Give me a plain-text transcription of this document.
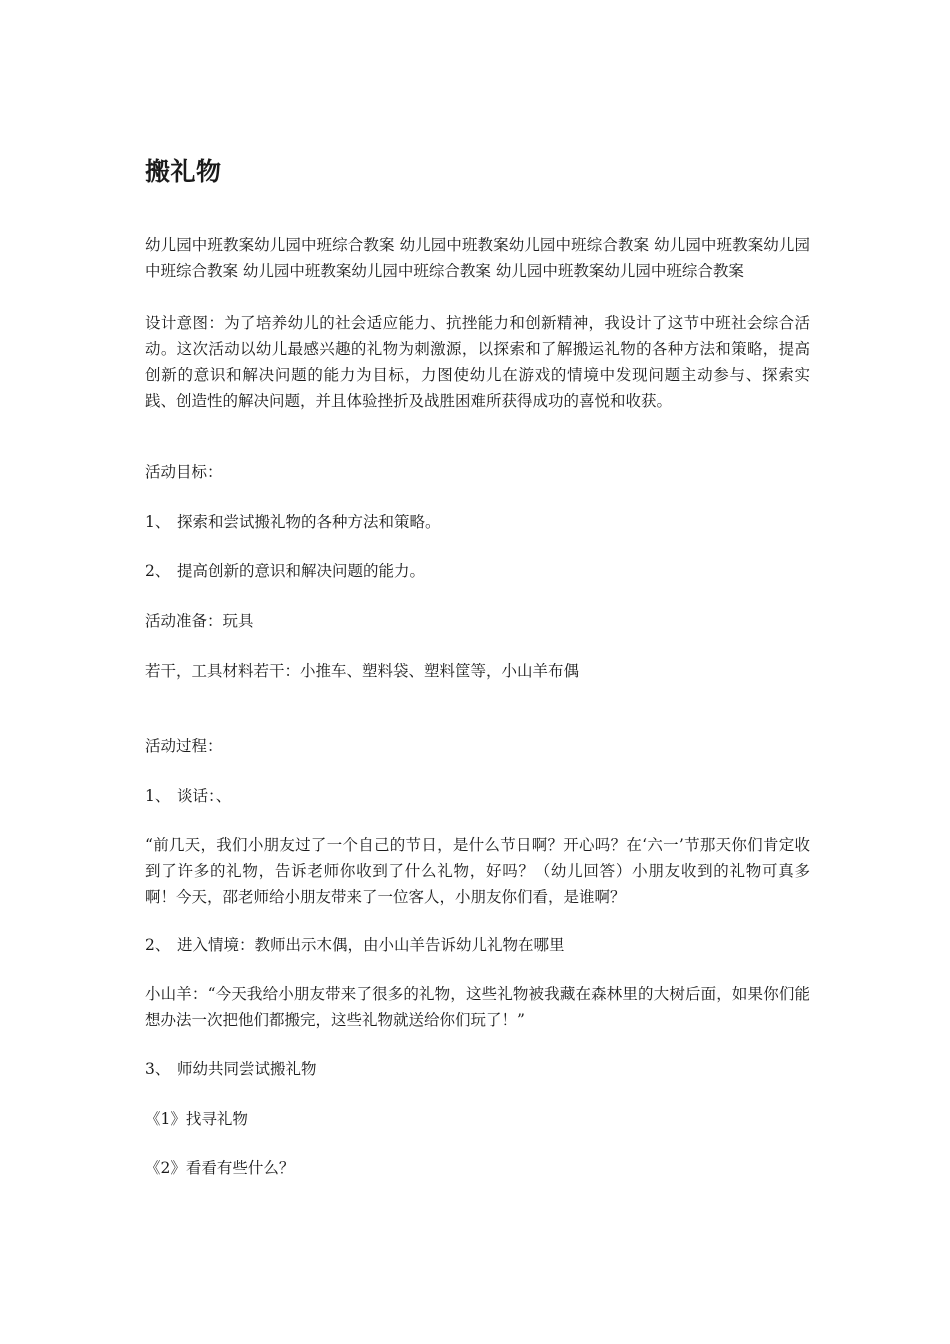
搬礼物

幼儿园中班教案幼儿园中班综合教案 幼儿园中班教案幼儿园中班综合教案 幼儿园中班教案幼儿园中班综合教案 幼儿园中班教案幼儿园中班综合教案 幼儿园中班教案幼儿园中班综合教案

设计意图：为了培养幼儿的社会适应能力、抗挫能力和创新精神，我设计了这节中班社会综合活动。这次活动以幼儿最感兴趣的礼物为刺激源，以探索和了解搬运礼物的各种方法和策略，提高创新的意识和解决问题的能力为目标，力图使幼儿在游戏的情境中发现问题主动参与、探索实践、创造性的解决问题，并且体验挫折及战胜困难所获得成功的喜悦和收获。

活动目标：

1、 探索和尝试搬礼物的各种方法和策略。

2、 提高创新的意识和解决问题的能力。

活动准备：玩具

若干，工具材料若干：小推车、塑料袋、塑料筐等，小山羊布偶

活动过程：

1、 谈话：、

“前几天，我们小朋友过了一个自己的节日，是什么节日啊？开心吗？在‘六一’节那天你们肯定收到了许多的礼物，告诉老师你收到了什么礼物，好吗？（幼儿回答）小朋友收到的礼物可真多啊！今天，邵老师给小朋友带来了一位客人，小朋友你们看，是谁啊？

2、 进入情境：教师出示木偶，由小山羊告诉幼儿礼物在哪里

小山羊：“今天我给小朋友带来了很多的礼物，这些礼物被我藏在森林里的大树后面，如果你们能想办法一次把他们都搬完，这些礼物就送给你们玩了！”

3、 师幼共同尝试搬礼物

《1》找寻礼物

《2》看看有些什么？
